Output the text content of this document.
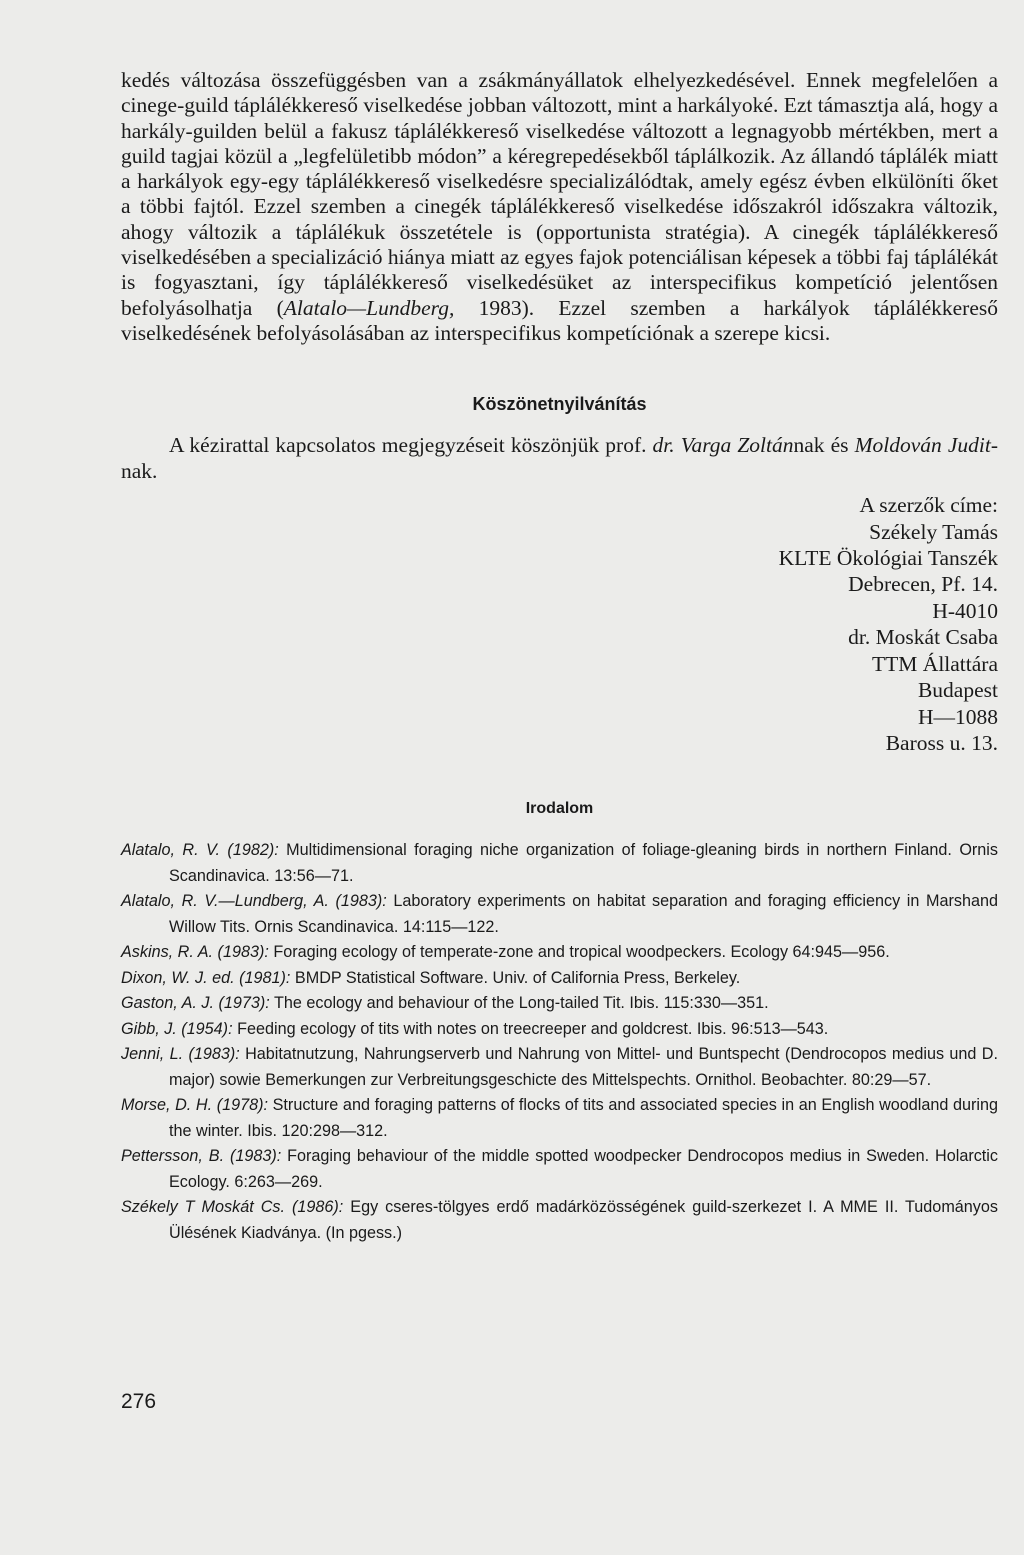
kedés változása összefüggésben van a zsákmányállatok elhelyezkedésével. Ennek megfelelően a cinege-guild táplálékkereső viselkedése jobban változott, mint a harkályoké. Ezt támasztja alá, hogy a harkály-guilden belül a fakusz táplálékkereső viselkedése változott a legnagyobb mértékben, mert a guild tagjai közül a „legfelületibb módon” a kéregrepedésekből táplálkozik. Az állandó táplálék miatt a harkályok egy-egy táplálékkereső viselkedésre specializálódtak, amely egész évben elkülöníti őket a többi fajtól. Ezzel szemben a cinegék táplálékkereső viselkedése időszakról időszakra változik, ahogy változik a táplálékuk összetétele is (opportunista stratégia). A cinegék táplálékkereső viselkedésében a specializáció hiánya miatt az egyes fajok potenciálisan képesek a többi faj táplálékát is fogyasztani, így táplálékkereső viselkedésüket az interspecifikus kompetíció jelentősen befolyásolhatja (Alatalo—Lundberg, 1983). Ezzel szemben a harkályok táplálékkereső viselkedésének befolyásolásában az interspecifikus kompetíciónak a szerepe kicsi.

Köszönetnyilvánítás

A kézirattal kapcsolatos megjegyzéseit köszönjük prof. dr. Varga Zoltánnak és Moldován Judit-nak.

A szerzők címe:
Székely Tamás
KLTE Ökológiai Tanszék
Debrecen, Pf. 14.
H-4010
dr. Moskát Csaba
TTM Állattára
Budapest
H—1088
Baross u. 13.
Irodalom
Alatalo, R. V. (1982): Multidimensional foraging niche organization of foliage-gleaning birds in northern Finland. Ornis Scandinavica. 13:56—71.
Alatalo, R. V.—Lundberg, A. (1983): Laboratory experiments on habitat separation and foraging efficiency in Marshand Willow Tits. Ornis Scandinavica. 14:115—122.
Askins, R. A. (1983): Foraging ecology of temperate-zone and tropical woodpeckers. Ecology 64:945—956.
Dixon, W. J. ed. (1981): BMDP Statistical Software. Univ. of California Press, Berkeley.
Gaston, A. J. (1973): The ecology and behaviour of the Long-tailed Tit. Ibis. 115:330—351.
Gibb, J. (1954): Feeding ecology of tits with notes on treecreeper and goldcrest. Ibis. 96:513—543.
Jenni, L. (1983): Habitatnutzung, Nahrungserverb und Nahrung von Mittel- und Buntspecht (Dendrocopos medius und D. major) sowie Bemerkungen zur Verbreitungsgeschicte des Mittelspechts. Ornithol. Beobachter. 80:29—57.
Morse, D. H. (1978): Structure and foraging patterns of flocks of tits and associated species in an English woodland during the winter. Ibis. 120:298—312.
Pettersson, B. (1983): Foraging behaviour of the middle spotted woodpecker Dendrocopos medius in Sweden. Holarctic Ecology. 6:263—269.
Székely T Moskát Cs. (1986): Egy cseres-tölgyes erdő madárközösségének guild-szerkezet I. A MME II. Tudományos Ülésének Kiadványa. (In pgess.)
276
